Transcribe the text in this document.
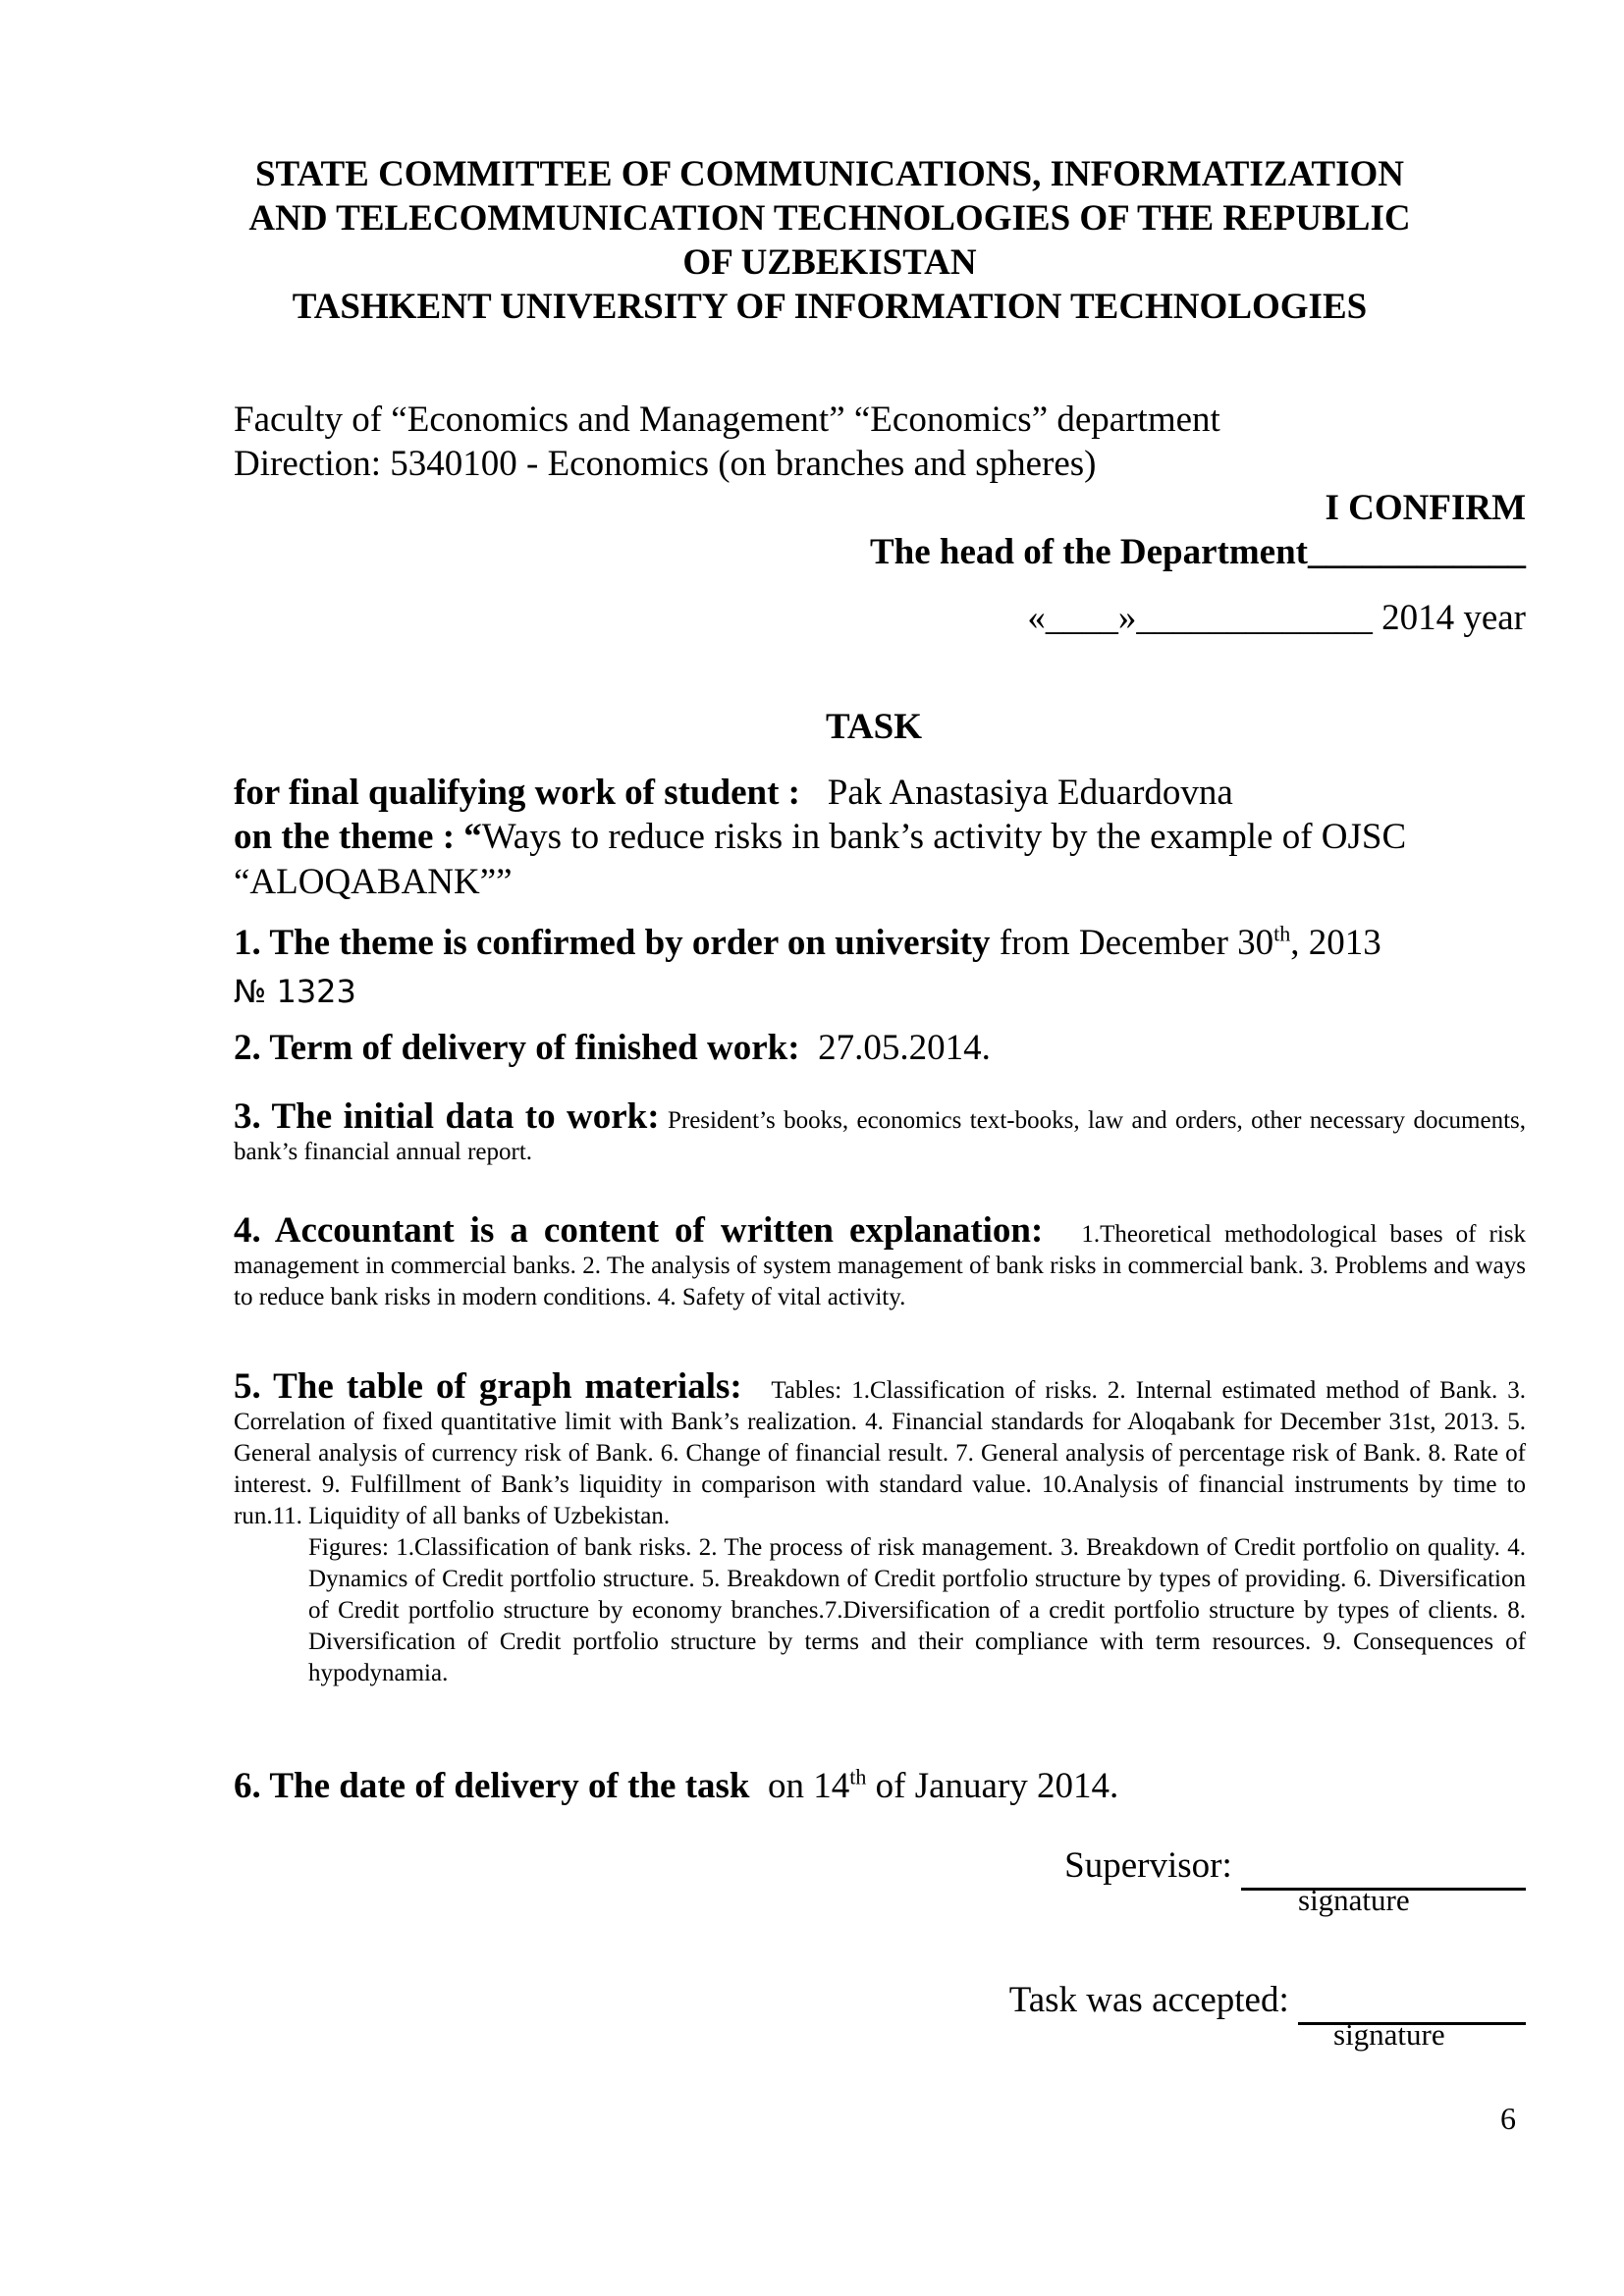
STATE COMMITTEE OF COMMUNICATIONS, INFORMATIZATION
AND TELECOMMUNICATION TECHNOLOGIES OF THE REPUBLIC
OF UZBEKISTAN
TASHKENT UNIVERSITY OF INFORMATION TECHNOLOGIES
Faculty of “Economics and Management” “Economics” department
Direction: 5340100 - Economics (on branches and spheres)
I CONFIRM
The head of the Department____________
«____»_____________ 2014 year
TASK
for final qualifying work of student : Pak Anastasiya Eduardovna
on the theme : “Ways to reduce risks in bank’s activity by the example of OJSC “ALOQABANK””
1. The theme is confirmed by order on university from December 30th, 2013
№ 1323
2. Term of delivery of finished work: 27.05.2014.
3. The initial data to work: President’s books, economics text-books, law and orders, other necessary documents, bank’s financial annual report.
4. Accountant is a content of written explanation: 1.Theoretical methodological bases of risk management in commercial banks. 2. The analysis of system management of bank risks in commercial bank. 3. Problems and ways to reduce bank risks in modern conditions. 4. Safety of vital activity.
5. The table of graph materials: Tables: 1.Classification of risks. 2. Internal estimated method of Bank. 3. Correlation of fixed quantitative limit with Bank’s realization. 4. Financial standards for Aloqabank for December 31st, 2013. 5. General analysis of currency risk of Bank. 6. Change of financial result. 7. General analysis of percentage risk of Bank. 8. Rate of interest. 9. Fulfillment of Bank’s liquidity in comparison with standard value. 10.Analysis of financial instruments by time to run.11. Liquidity of all banks of Uzbekistan.
Figures: 1.Classification of bank risks. 2. The process of risk management. 3. Breakdown of Credit portfolio on quality. 4. Dynamics of Credit portfolio structure. 5. Breakdown of Credit portfolio structure by types of providing. 6. Diversification of Credit portfolio structure by economy branches.7.Diversification of a credit portfolio structure by types of clients. 8. Diversification of Credit portfolio structure by terms and their compliance with term resources. 9. Consequences of hypodynamia.
6. The date of delivery of the task on 14th of January 2014.
Supervisor:
signature
Task was accepted:
signature
6
